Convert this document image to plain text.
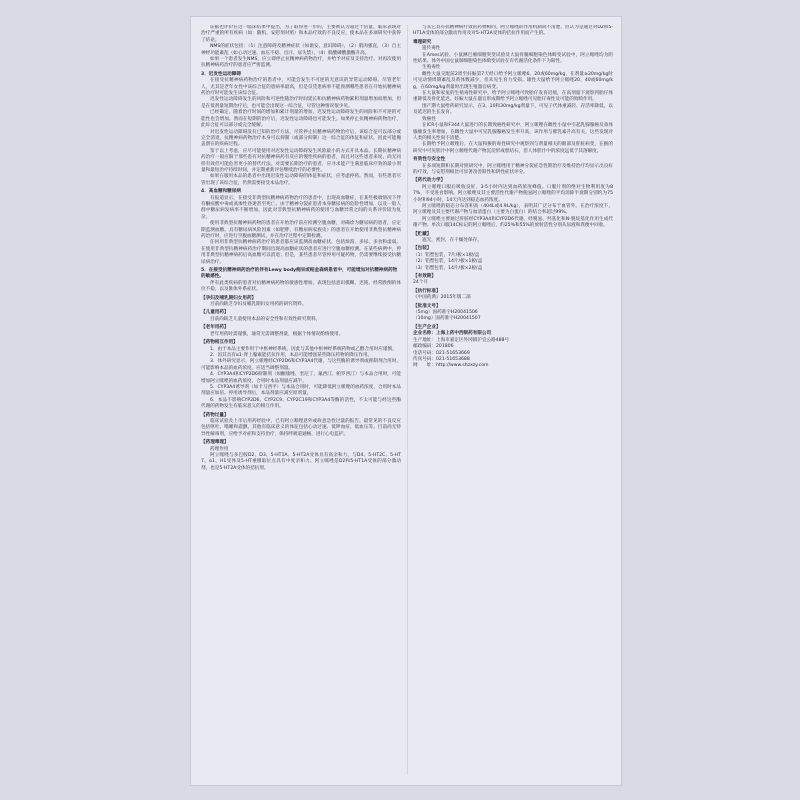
证据也评价在这一临床结果中提出，为了取得进一步的，主要被认为超过十倍量，临床表现对治疗严重的所有疾病（如：随机、安慰剂对照）和本品疗效的不良反应，使本品在多项研究中获得了结论。

NMS的症状包括：（1）注意障碍及精神症状（如谵妄、意识障碍），（2）肌肉强直，（3）自主神经功能紊乱（如心动过速、血压不稳、出汗、尿失禁），（4）肌酸磷酸激酶升高。

如果一个患者发生NMS，应立即停止抗精神病药物治疗，并给予对症及支持治疗。对再次使用抗精神病药治疗的患者应严密监测。

3．迟发性运动障碍

在接受抗精神病药物治疗的患者中，可能会发生不可逆的无意识的异常运动障碍。尽管老年人，尤其是老年女性中该综合征的患病率最高，但是仅凭患病率不能预测哪些患者在开始抗精神病药治疗时可能发生该综合征。

迟发性运动障碍发生的风险和可逆性随治疗时间延长和抗精神病药物累积剂量增加而增加，但是在低剂量短期治疗后，也可能会出现这一综合征，尽管这种情况很少见。

已经确定，随着治疗时间的增加和累计剂量的增加，迟发性运动障碍发生的风险和不可逆的可能性也会增加。然而在短期的治疗后，迟发性运动障碍也可能发生。如果停止抗精神病药物治疗，此综合征可以部分或完全缓解。

对迟发性运动障碍没有已知的治疗方法，尽管停止抗精神病药物治疗后，该综合征可以部分或完全消退。抗精神病药物治疗本身可以抑制（或部分抑制）这一综合征的体征和症状，因此可能掩盖潜在的疾病过程。

鉴于以上考虑，应尽可能使用对迟发性运动障碍发生风险最小的方式开具本品。长期抗精神病药治疗一般应限于那些患有对抗精神病药有反应的慢性疾病的患者，而且对这些患者来说，尚无同样有效但可能危害更小的替代疗法。对需要长期治疗的患者，应寻求能产生满意临床疗效的最小剂量和最短治疗持续时间，并定期重新评估继续治疗的必要性。

如果在服用本品的患者中出现迟发性运动障碍的体征和症状，应考虑停药。然而，有些患者尽管出现了该综合征，仍然需要接受本品治疗。

4．高血糖和糖尿病

有报道显示，在接受非典型抗精神病药物治疗的患者中，出现高血糖症，在某些极端情况下伴有酮症酸中毒或高渗性昏迷甚至死亡。由于精神分裂症患者本身糖尿病的危险性增加，以及一般人群中糖尿病发病率不断增加，因此对非典型抗精神病药的使用与血糖异常之间的关系评价较为复杂。

使用非典型抗精神病药物的患者在开始治疗前应检测空腹血糖，对确诊为糖尿病的患者，应定期监测血糖。具有糖尿病风险因素（如肥胖、有糖尿病家族史）的患者在开始使用非典型抗精神病药治疗时，应进行空腹血糖测试，并在治疗过程中定期检测。

任何用非典型抗精神病药治疗的患者都应该监测高血糖症状，包括烦渴、多尿、多食和虚弱。在使用非典型抗精神病药治疗期间出现高血糖症状的患者应进行空腹血糖检测。在某些病例中，停用非典型抗精神病药后高血糖可以消退；但是，某些患者尽管停用可疑药物，仍需要继续接受抗糖尿病治疗。

5．在接受抗精神病药治疗的伴有Lewy body痴呆或帕金森病患者中，可能增加对抗精神病药物的敏感性。

伴有此类疾病的患者对抗精神病药物的敏感性增加，表现包括意识模糊、迟钝、经常跌倒的体位不稳，以及锥体外系症状。

【孕妇及哺乳期妇女用药】

目前尚缺乏孕妇及哺乳期妇女用药的研究资料。

【儿童用药】

目前尚缺乏儿童使用本品的安全性和有效性研究资料。

【老年用药】

老年用药时需谨慎，通常无需调整剂量，根据个体情况酌情使用。

【药物相互作用】

1．由于本品主要作用于中枢神经系统，因此与其他中枢神经系统药物或乙醇合用时应谨慎。

2．因其具有α1-肾上腺素能拮抗作用，本品可能增强某些降压药物的降压作用。

3．体外研究显示，阿立哌唑经CYP2D6和CYP3A4代谢，与这些酶的诱导剂或抑制剂合用时，可能影响本品的血药浓度，应适当调整剂量。

4．CYP3A4和CYP2D6抑制剂（如酮康唑、奎尼丁、氟西汀、帕罗西汀）与本品合用时，可能增加阿立哌唑的血药浓度，合用时本品剂量应减半。

5．CYP3A4诱导剂（如卡马西平）与本品合用时，可能降低阿立哌唑的血药浓度，合用时本品剂量应加倍。停用诱导剂后，本品剂量应减至原剂量。

6．本品不影响CYP2D6、CYP2C9、CYP2C19和CYP3A4等酶的活性，不太可能与经这些酶代谢的药物发生有临床意义的相互作用。

【药物过量】

临床试验及上市后用药经验中，已有阿立哌唑意外或故意急性过量的报告。最常见的不良反应包括呕吐、嗜睡和震颤。其他有临床意义的体征包括心动过速、低钾血症、低血压等。目前尚无特异性解毒剂，应给予对症和支持治疗，保持呼吸道通畅，进行心电监护。

【药理毒理】

药理作用

阿立哌唑与多巴胺D2、D3、5-HT1A、5-HT2A受体具有高亲和力，与D4、5-HT2C、5-HT7、α1、H1受体及5-HT重摄取位点具有中度亲和力。阿立哌唑是D2和5-HT1A受体的部分激动剂，也是5-HT2A受体的拮抗剂。

与其它具有抗精神病疗效的药物相同，阿立哌唑的作用机制尚不清楚，但认为是通过对D2和5-HT1A受体的部分激动作用及对5-HT2A受体的拮抗作用而产生的。

毒理研究

遗传毒性

在Ames试验、小鼠淋巴瘤细胞突变试验及大鼠骨髓细胞染色体畸变试验中，阿立哌唑均为阴性结果。体外中国仓鼠肺细胞染色体畸变试验在有代谢活化条件下为阳性。

生殖毒性

雌性大鼠交配前2周至妊娠第7天经口给予阿立哌唑6、20或60mg/kg，在剂量≥20mg/kg时可见动情周期紊乱及黄体数减少，但未见生育力受损。雄性大鼠给予阿立哌唑20、40或60mg/kg，在60mg/kg剂量时出现生殖器官病变。

在大鼠和家兔的生殖毒性研究中，给予阿立哌唑可致胎仔发育迟缓，在高剂量下观察到胎仔体重降低及骨化延迟。妊娠大鼠在器官形成期给予阿立哌唑可见胎仔毒性及可能的致畸作用。

围产期大鼠给药研究显示，在3、10和30mg/kg剂量下，可见子代体重减轻、存活率降低，以及延迟的生长发育。

致癌性

在ICR小鼠和F344大鼠进行的长期致癌性研究中，阿立哌唑在雌性小鼠中引起乳腺腺癌及垂体腺瘤发生率增加，在雌性大鼠中可见乳腺腺癌发生率升高，该作用与催乳素升高有关。这些发现对人类的相关性尚不清楚。

长期给予阿立哌唑后，在大鼠和猴的毒性研究中观察到与剂量相关的眼部及肝脏病变，在猴的研究中可见胆汁中阿立哌唑代谢产物沉淀形成胆结石，但人体胆汁中的浓度远低于其溶解度。

有效性与安全性

在多项短期和长期对照研究中，阿立哌唑用于精神分裂症急性期治疗及维持治疗均显示出良好的疗效，与安慰剂相比可显著改善阳性和阴性症状评分。

【药代动力学】

阿立哌唑口服后吸收良好，3-5小时内达到血药浓度峰值。口服片剂的绝对生物利用度为87%，不受进食影响。阿立哌唑及其主要活性代谢产物脱氢阿立哌唑的平均消除半衰期分别约为75小时和94小时，14天内达到稳态血药浓度。

阿立哌唑的稳态分布容积高（404L或4.9L/kg），表明其广泛分布于血管外。在治疗浓度下，阿立哌唑及其主要代谢产物与血清蛋白（主要为白蛋白）的结合率超过99%。

阿立哌唑主要通过肝脏经CYP3A4和CYP2D6代谢，经脱氢、羟基化和N-脱烷基化作用生成代谢产物。单次口服14C标记的阿立哌唑后，约25%和55%的放射活性分别从尿液和粪便中回收。

【贮藏】

遮光，密封，在干燥处保存。

【包装】

（1）铝塑包装，7片/板×1板/盒

（2）铝塑包装，14片/板×1板/盒

（3）铝塑包装，14片/板×2板/盒

【有效期】

24个月

【执行标准】

《中国药典》2015年版二部

【批准文号】

（5mg）国药准字H20041506

（10mg）国药准字H20041507

【生产企业】

企业名称：上海上药中西制药有限公司

生产地址：上海市嘉定区外冈镇沪宜公路488号

邮政编码：201806

电话号码：021-51653669

传真号码：021-51653688

网　　址：http://www.shzxzy.com
